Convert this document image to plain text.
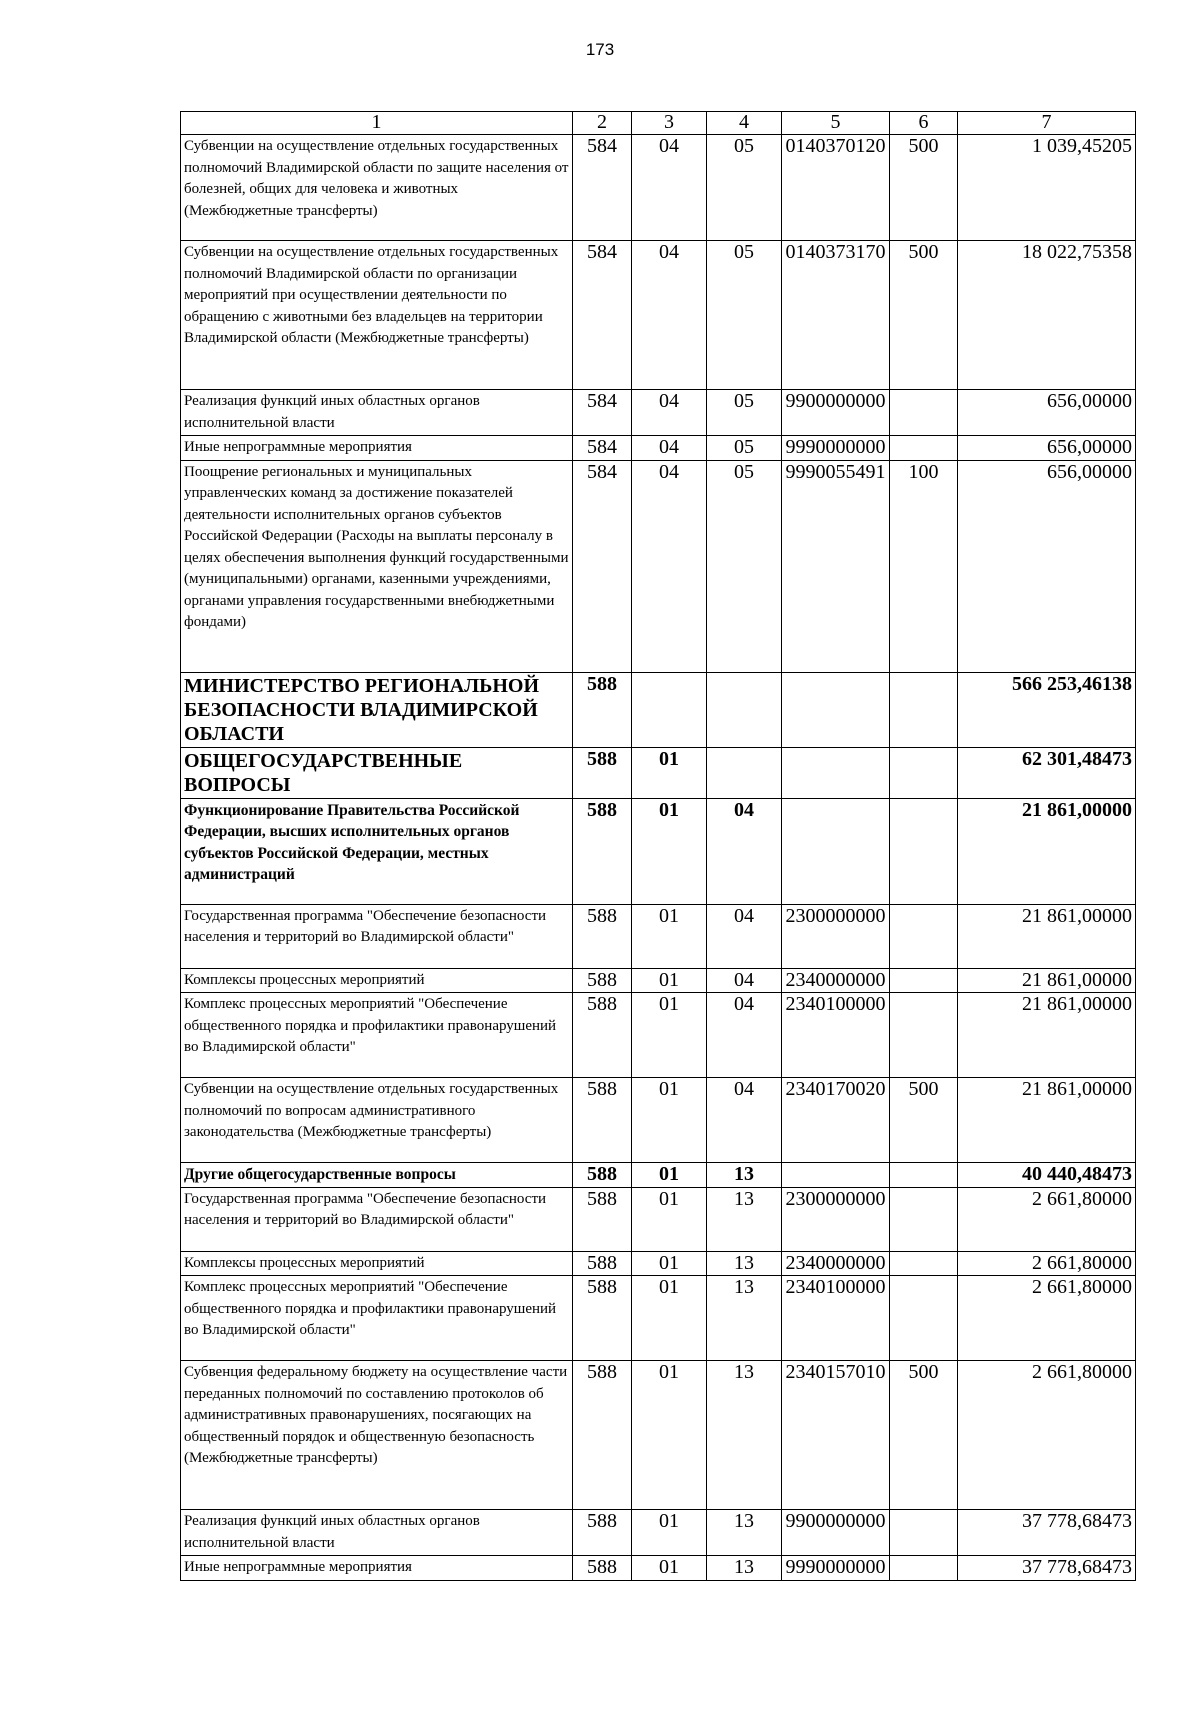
173
1	2	3	4	5	6	7
Субвенции на осуществление отдельных государственных полномочий Владимирской области по защите населения от болезней, общих для человека и животных (Межбюджетные трансферты)	584	04	05	0140370120	500	1 039,45205
Субвенции на осуществление отдельных государственных полномочий Владимирской области по организации мероприятий при осуществлении деятельности по обращению с животными без владельцев на территории Владимирской области (Межбюджетные трансферты)	584	04	05	0140373170	500	18 022,75358
Реализация функций иных областных органов исполнительной власти	584	04	05	9900000000		656,00000
Иные непрограммные мероприятия	584	04	05	9990000000		656,00000
Поощрение региональных и муниципальных управленческих команд за достижение показателей деятельности исполнительных органов субъектов Российской Федерации (Расходы на выплаты персоналу в целях обеспечения выполнения функций государственными (муниципальными) органами, казенными учреждениями, органами управления государственными внебюджетными фондами)	584	04	05	9990055491	100	656,00000
МИНИСТЕРСТВО РЕГИОНАЛЬНОЙ БЕЗОПАСНОСТИ ВЛАДИМИРСКОЙ ОБЛАСТИ	588					566 253,46138
ОБЩЕГОСУДАРСТВЕННЫЕ ВОПРОСЫ	588	01				62 301,48473
Функционирование Правительства Российской Федерации, высших исполнительных органов субъектов Российской Федерации, местных администраций	588	01	04			21 861,00000
Государственная программа "Обеспечение безопасности населения и территорий во Владимирской области"	588	01	04	2300000000		21 861,00000
Комплексы процессных мероприятий	588	01	04	2340000000		21 861,00000
Комплекс процессных мероприятий "Обеспечение общественного порядка и профилактики правонарушений во Владимирской области"	588	01	04	2340100000		21 861,00000
Субвенции на осуществление отдельных государственных полномочий по вопросам административного законодательства (Межбюджетные трансферты)	588	01	04	2340170020	500	21 861,00000
Другие общегосударственные вопросы	588	01	13			40 440,48473
Государственная программа "Обеспечение безопасности населения и территорий во Владимирской области"	588	01	13	2300000000		2 661,80000
Комплексы процессных мероприятий	588	01	13	2340000000		2 661,80000
Комплекс процессных мероприятий "Обеспечение общественного порядка и профилактики правонарушений во Владимирской области"	588	01	13	2340100000		2 661,80000
Субвенция федеральному бюджету на осуществление части переданных полномочий по составлению протоколов об административных правонарушениях, посягающих на общественный порядок и общественную безопасность (Межбюджетные трансферты)	588	01	13	2340157010	500	2 661,80000
Реализация функций иных областных органов исполнительной власти	588	01	13	9900000000		37 778,68473
Иные непрограммные мероприятия	588	01	13	9990000000		37 778,68473
